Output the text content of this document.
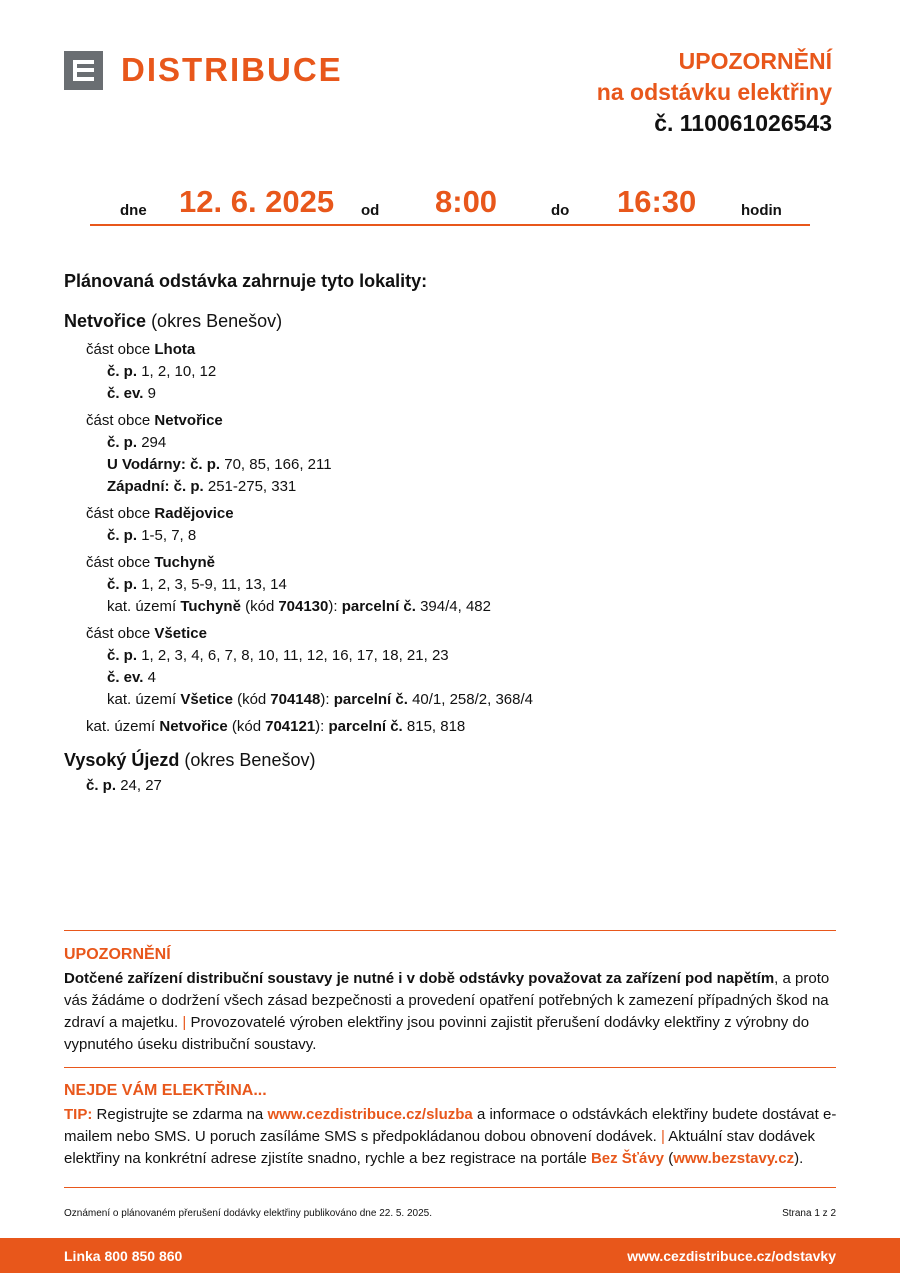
DISTRIBUCE	UPOZORNĚNÍ
na odstávku elektřiny
č. 110061026543
dne 12. 6. 2025 od 8:00	do 16:30	hodin
Plánovaná odstávka zahrnuje tyto lokality:
Netvořice (okres Benešov)
část obce Lhota
č. p. 1, 2, 10, 12
č. ev. 9
část obce Netvořice
č. p. 294
U Vodárny: č. p. 70, 85, 166, 211
Západní: č. p. 251-275, 331
část obce Radějovice
č. p. 1-5, 7, 8
část obce Tuchyně
č. p. 1, 2, 3, 5-9, 11, 13, 14
kat. území Tuchyně (kód 704130): parcelní č. 394/4, 482
část obce Všetice
č. p. 1, 2, 3, 4, 6, 7, 8, 10, 11, 12, 16, 17, 18, 21, 23
č. ev. 4
kat. území Všetice (kód 704148): parcelní č. 40/1, 258/2, 368/4
kat. území Netvořice (kód 704121): parcelní č. 815, 818
Vysoký Újezd (okres Benešov)
č. p. 24, 27
UPOZORNĚNÍ
Dotčené zařízení distribuční soustavy je nutné i v době odstávky považovat za zařízení pod napětím, a proto vás žádáme o dodržení všech zásad bezpečnosti a provedení opatření potřebných k zamezení případných škod na zdraví a majetku. | Provozovatelé výroben elektřiny jsou povinni zajistit přerušení dodávky elektřiny z výrobny do vypnutého úseku distribuční soustavy.
NEJDE VÁM ELEKTŘINA...
TIP: Registrujte se zdarma na www.cezdistribuce.cz/sluzba a informace o odstávkách elektřiny budete dostávat e-mailem nebo SMS. U poruch zasíláme SMS s předpokládanou dobou obnovení dodávek. | Aktuální stav dodávek elektřiny na konkrétní adrese zjistíte snadno, rychle a bez registrace na portále Bez Šťávy (www.bezstavy.cz).
Oznámení o plánovaném přerušení dodávky elektřiny publikováno dne 22. 5. 2025.	Strana 1 z 2
Linka 800 850 860	www.cezdistribuce.cz/odstavky
